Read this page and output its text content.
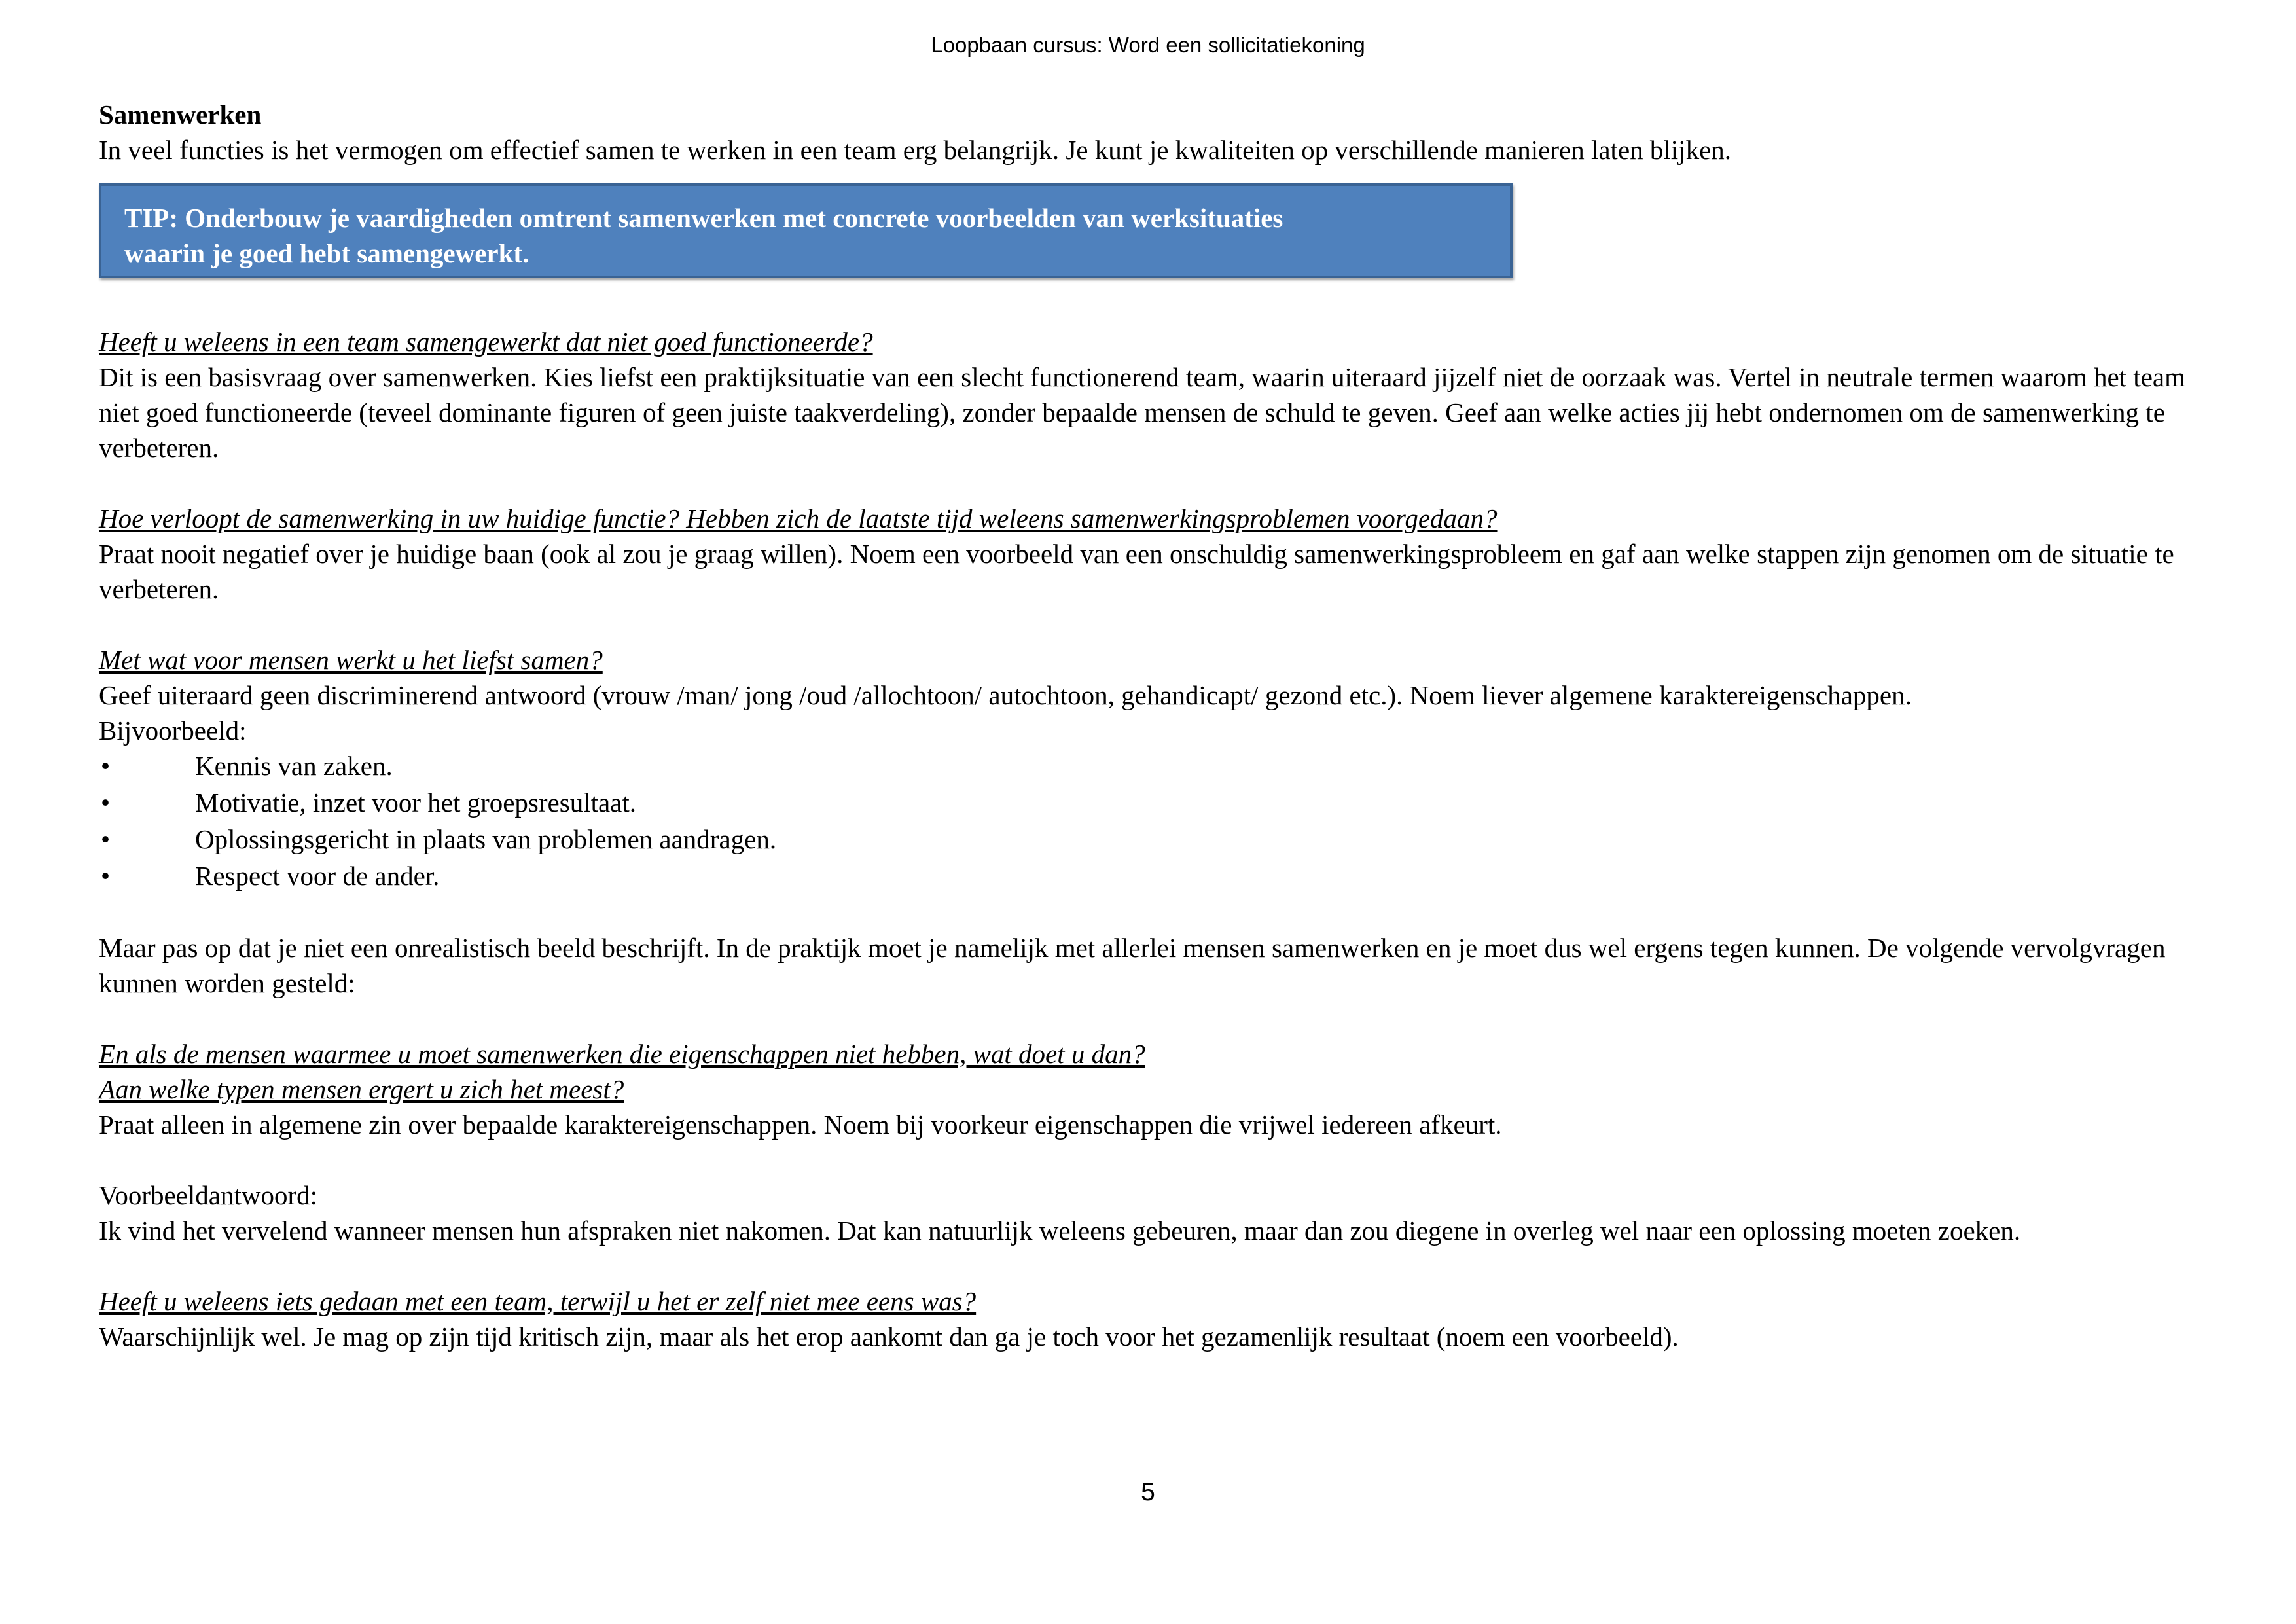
Loopbaan cursus: Word een sollicitatiekoning

Samenwerken

In veel functies is het vermogen om effectief samen te werken in een team erg belangrijk. Je kunt je kwaliteiten op verschillende manieren laten blijken.

TIP: Onderbouw je vaardigheden omtrent samenwerken met concrete voorbeelden van werksituaties
waarin je goed hebt samengewerkt.

Heeft u weleens in een team samengewerkt dat niet goed functioneerde?

Dit is een basisvraag over samenwerken. Kies liefst een praktijksituatie van een slecht functionerend team, waarin uiteraard jijzelf niet de oorzaak was. Vertel in neutrale termen waarom het team niet goed functioneerde (teveel dominante figuren of geen juiste taakverdeling), zonder bepaalde mensen de schuld te geven. Geef aan welke acties jij hebt ondernomen om de samenwerking te verbeteren.

Hoe verloopt de samenwerking in uw huidige functie? Hebben zich de laatste tijd weleens samenwerkingsproblemen voorgedaan?

Praat nooit negatief over je huidige baan (ook al zou je graag willen). Noem een voorbeeld van een onschuldig samenwerkingsprobleem en gaf aan welke stappen zijn genomen om de situatie te verbeteren.

Met wat voor mensen werkt u het liefst samen?

Geef uiteraard geen discriminerend antwoord (vrouw /man/ jong /oud /allochtoon/ autochtoon, gehandicapt/ gezond etc.). Noem liever algemene karaktereigenschappen.

Bijvoorbeeld:

•	Kennis van zaken.
•	Motivatie, inzet voor het groepsresultaat.
•	Oplossingsgericht in plaats van problemen aandragen.
•	Respect voor de ander.

Maar pas op dat je niet een onrealistisch beeld beschrijft. In de praktijk moet je namelijk met allerlei mensen samenwerken en je moet dus wel ergens tegen kunnen. De volgende vervolgvragen kunnen worden gesteld:

En als de mensen waarmee u moet samenwerken die eigenschappen niet hebben, wat doet u dan?

Aan welke typen mensen ergert u zich het meest?

Praat alleen in algemene zin over bepaalde karaktereigenschappen. Noem bij voorkeur eigenschappen die vrijwel iedereen afkeurt.

Voorbeeldantwoord:

Ik vind het vervelend wanneer mensen hun afspraken niet nakomen. Dat kan natuurlijk weleens gebeuren, maar dan zou diegene in overleg wel naar een oplossing moeten zoeken.

Heeft u weleens iets gedaan met een team, terwijl u het er zelf niet mee eens was?

Waarschijnlijk wel. Je mag op zijn tijd kritisch zijn, maar als het erop aankomt dan ga je toch voor het gezamenlijk resultaat (noem een voorbeeld).

5
